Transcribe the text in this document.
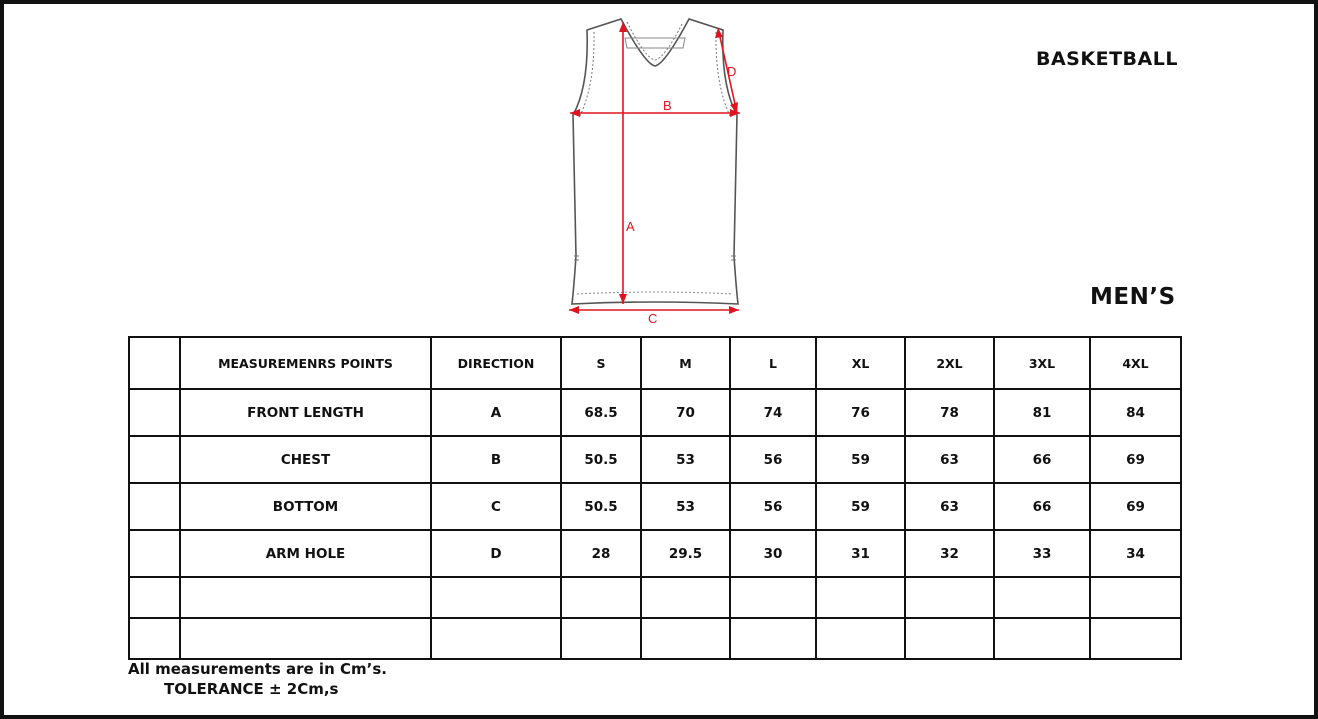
BASKETBALL
A
B
C
D
MEN’S
	MEASUREMENRS POINTS	DIRECTION	S	M	L	XL	2XL	3XL	4XL
	FRONT LENGTH	A	68.5	70	74	76	78	81	84
	CHEST	B	50.5	53	56	59	63	66	69
	BOTTOM	C	50.5	53	56	59	63	66	69
	ARM HOLE	D	28	29.5	30	31	32	33	34

All measurements are in Cm’s.
TOLERANCE ± 2Cm,s
